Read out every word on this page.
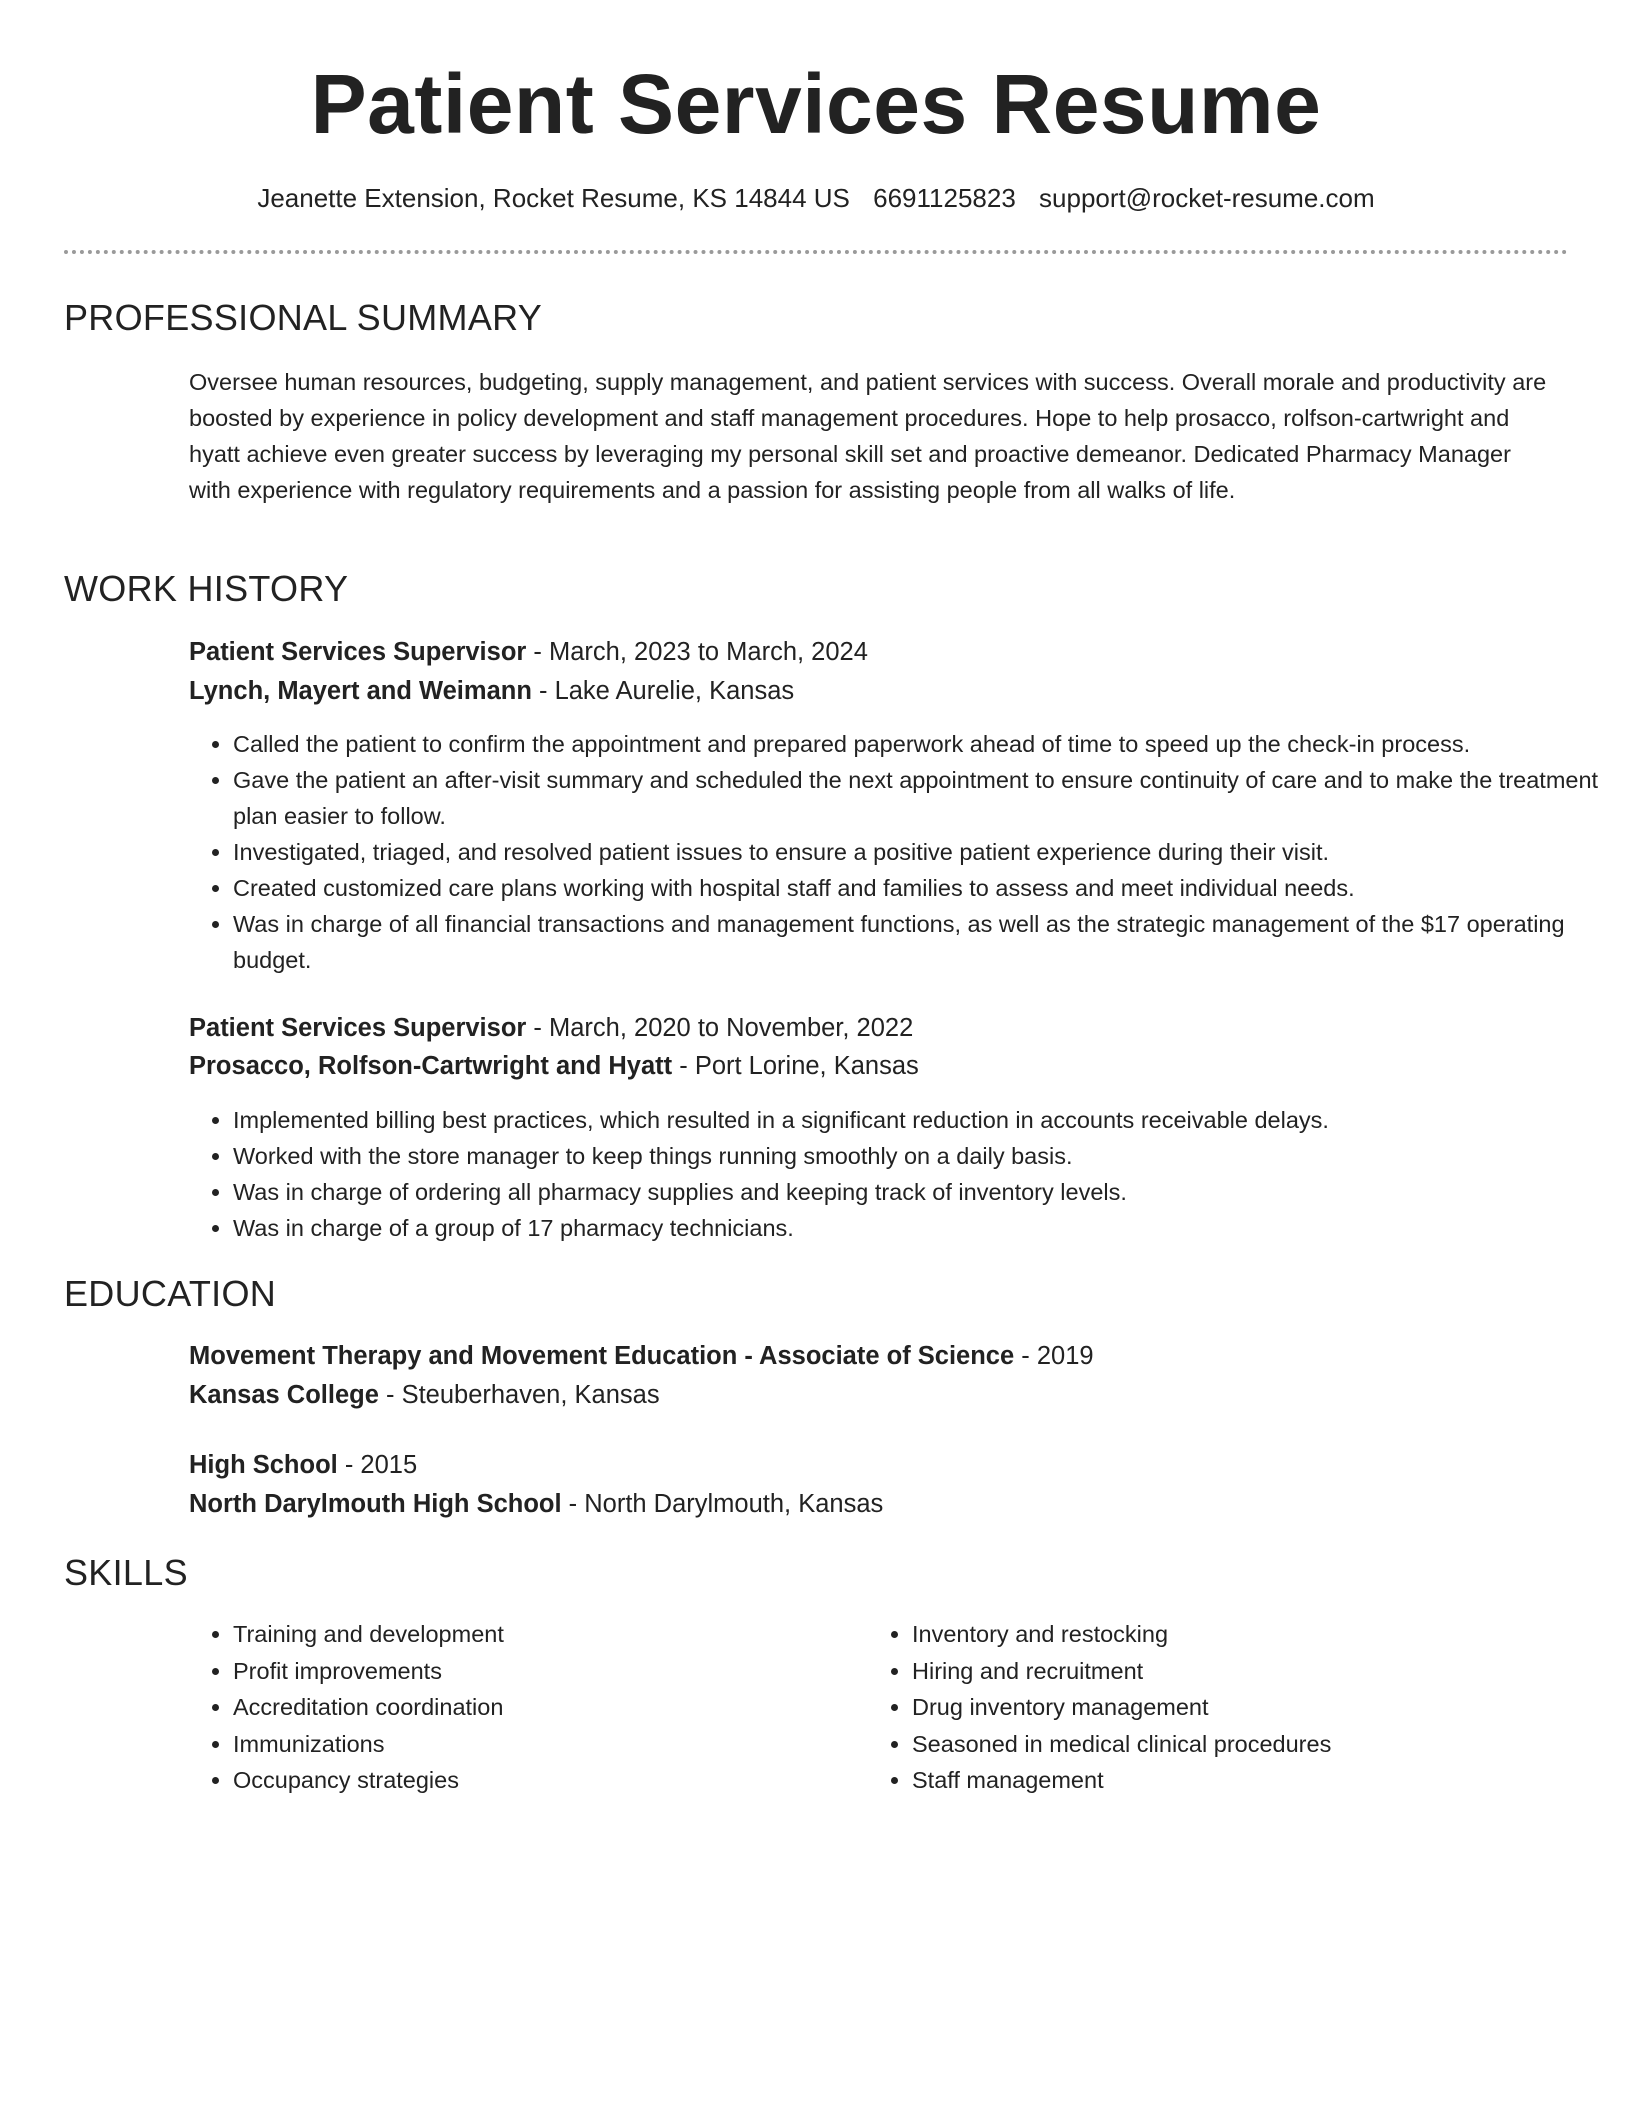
Patient Services Resume
Jeanette Extension, Rocket Resume, KS 14844 US 6691125823 support@rocket-resume.com
PROFESSIONAL SUMMARY

Oversee human resources, budgeting, supply management, and patient services with success. Overall morale and productivity are boosted by experience in policy development and staff management procedures. Hope to help prosacco, rolfson-cartwright and hyatt achieve even greater success by leveraging my personal skill set and proactive demeanor. Dedicated Pharmacy Manager with experience with regulatory requirements and a passion for assisting people from all walks of life.

WORK HISTORY
Patient Services Supervisor - March, 2023 to March, 2024
Lynch, Mayert and Weimann - Lake Aurelie, Kansas
• Called the patient to confirm the appointment and prepared paperwork ahead of time to speed up the check-in process.
• Gave the patient an after-visit summary and scheduled the next appointment to ensure continuity of care and to make the treatment plan easier to follow.
• Investigated, triaged, and resolved patient issues to ensure a positive patient experience during their visit.
• Created customized care plans working with hospital staff and families to assess and meet individual needs.
• Was in charge of all financial transactions and management functions, as well as the strategic management of the $17 operating budget.
Patient Services Supervisor - March, 2020 to November, 2022
Prosacco, Rolfson-Cartwright and Hyatt - Port Lorine, Kansas
• Implemented billing best practices, which resulted in a significant reduction in accounts receivable delays.
• Worked with the store manager to keep things running smoothly on a daily basis.
• Was in charge of ordering all pharmacy supplies and keeping track of inventory levels.
• Was in charge of a group of 17 pharmacy technicians.
EDUCATION
Movement Therapy and Movement Education - Associate of Science - 2019
Kansas College - Steuberhaven, Kansas
High School - 2015
North Darylmouth High School - North Darylmouth, Kansas
SKILLS
• Training and development
• Profit improvements
• Accreditation coordination
• Immunizations
• Occupancy strategies
• Inventory and restocking
• Hiring and recruitment
• Drug inventory management
• Seasoned in medical clinical procedures
• Staff management
